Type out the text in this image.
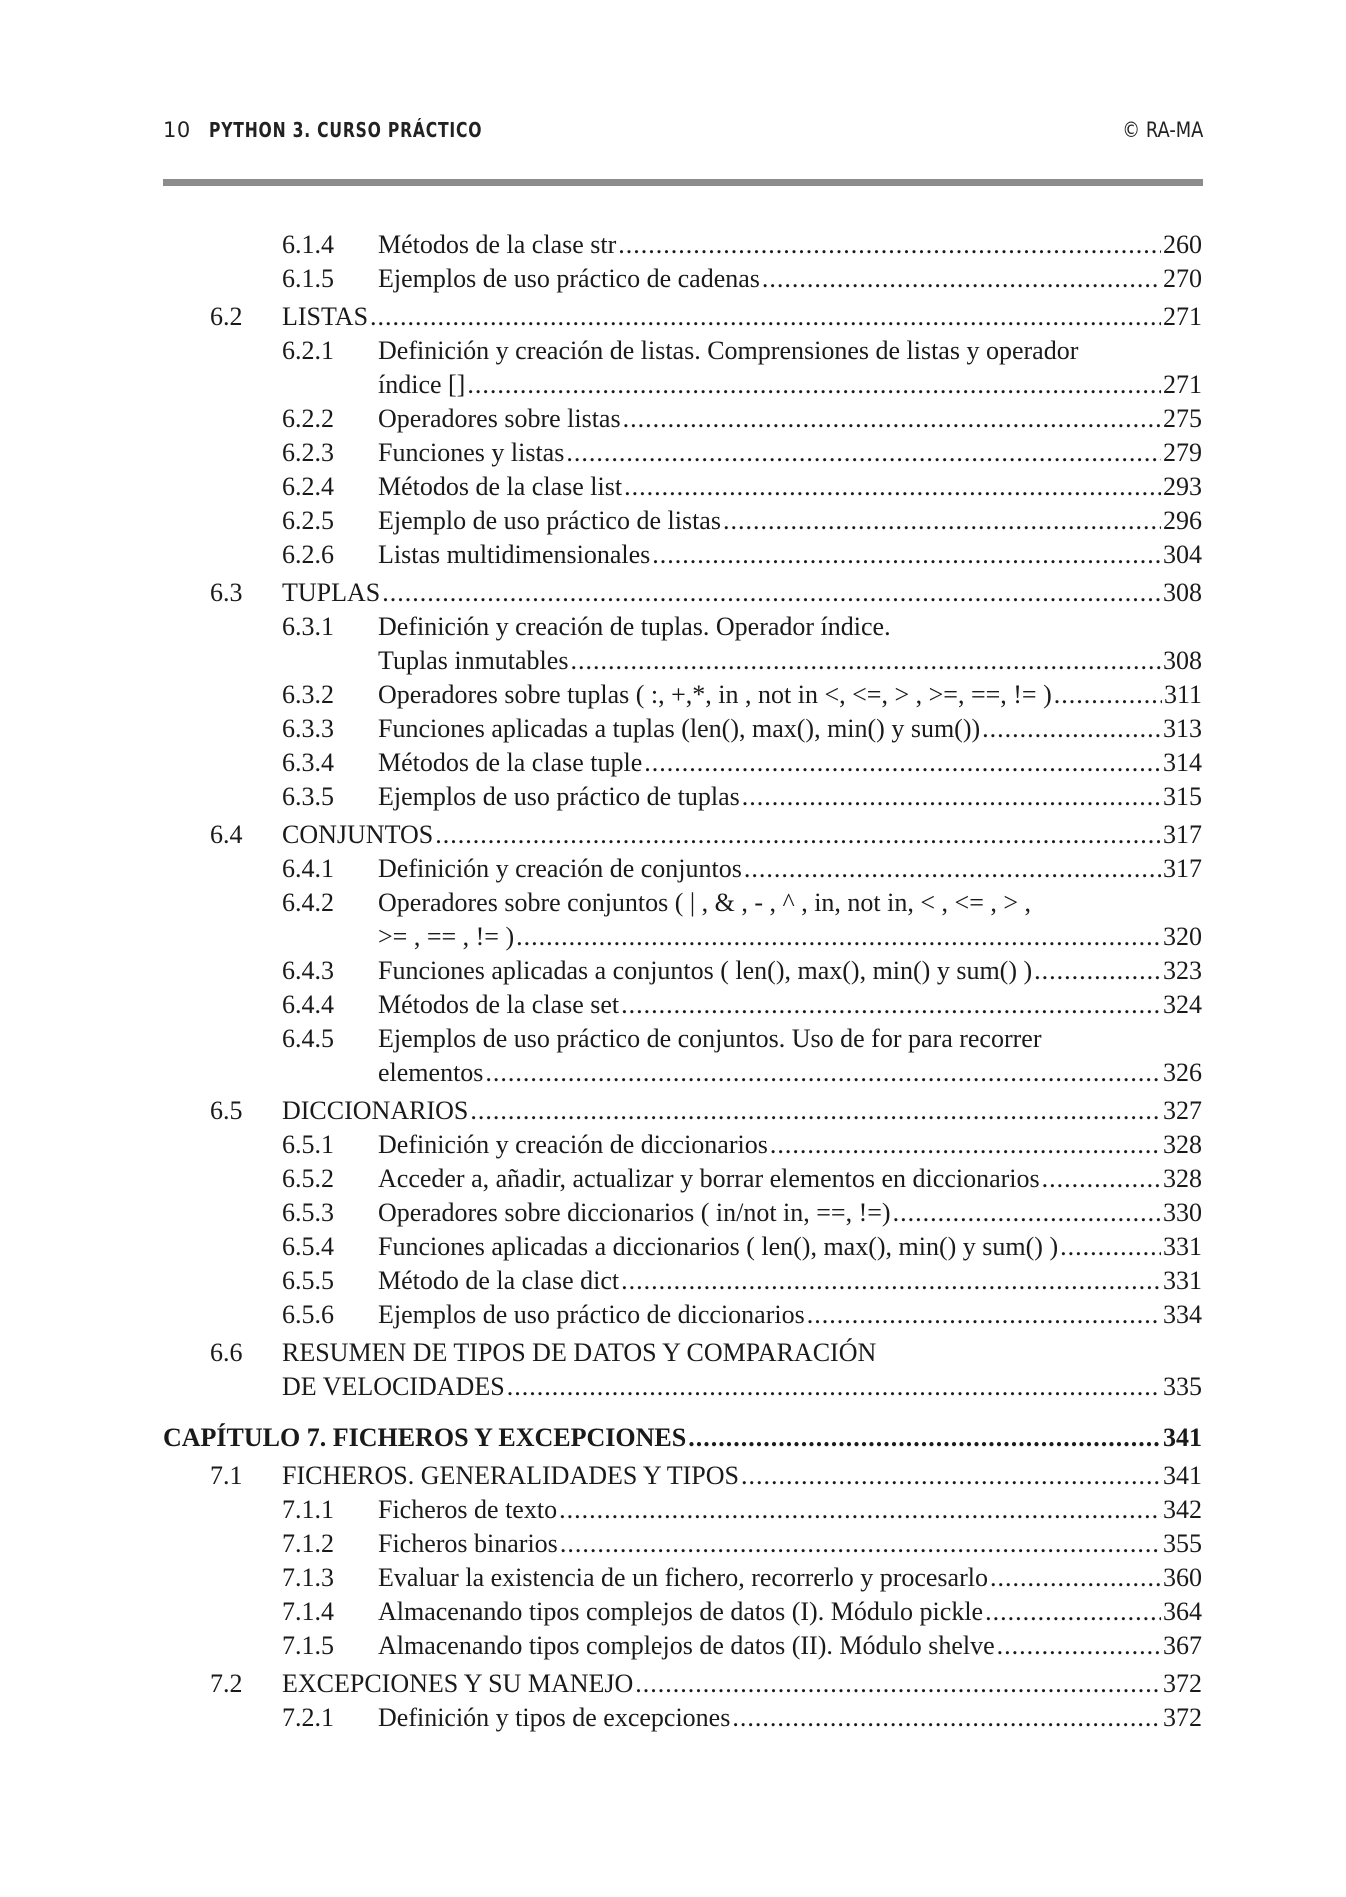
10 PYTHON 3. CURSO PRÁCTICO	© RA-MA
6.1.4 Métodos de la clase str .....	260
6.1.5 Ejemplos de uso práctico de cadenas .....	270
6.2 LISTAS .....	271
6.2.1 Definición y creación de listas. Comprensiones de listas y operador
índice [] .....	271
6.2.2 Operadores sobre listas .....	275
6.2.3 Funciones y listas .....	279
6.2.4 Métodos de la clase list .....	293
6.2.5 Ejemplo de uso práctico de listas .....	296
6.2.6 Listas multidimensionales .....	304
6.3 TUPLAS .....	308
6.3.1 Definición y creación de tuplas. Operador índice.
Tuplas inmutables .....	308
6.3.2 Operadores sobre tuplas ( :, +,*, in , not in <, <=, > , >=, ==, != ) .....	311
6.3.3 Funciones aplicadas a tuplas (len(), max(), min() y sum()) .....	313
6.3.4 Métodos de la clase tuple .....	314
6.3.5 Ejemplos de uso práctico de tuplas .....	315
6.4 CONJUNTOS .....	317
6.4.1 Definición y creación de conjuntos .....	317
6.4.2 Operadores sobre conjuntos ( | , & , - , ^ , in, not in, < , <= , > ,
>= , == , != ) .....	320
6.4.3 Funciones aplicadas a conjuntos ( len(), max(), min() y sum() ) .....	323
6.4.4 Métodos de la clase set .....	324
6.4.5 Ejemplos de uso práctico de conjuntos. Uso de for para recorrer
elementos .....	326
6.5 DICCIONARIOS .....	327
6.5.1 Definición y creación de diccionarios .....	328
6.5.2 Acceder a, añadir, actualizar y borrar elementos en diccionarios .....	328
6.5.3 Operadores sobre diccionarios ( in/not in, ==, !=) .....	330
6.5.4 Funciones aplicadas a diccionarios ( len(), max(), min() y sum() ) .....	331
6.5.5 Método de la clase dict .....	331
6.5.6 Ejemplos de uso práctico de diccionarios .....	334
6.6 RESUMEN DE TIPOS DE DATOS Y COMPARACIÓN
DE VELOCIDADES .....	335
CAPÍTULO 7. FICHEROS Y EXCEPCIONES .....	341
7.1 FICHEROS. GENERALIDADES Y TIPOS .....	341
7.1.1 Ficheros de texto .....	342
7.1.2 Ficheros binarios .....	355
7.1.3 Evaluar la existencia de un fichero, recorrerlo y procesarlo .....	360
7.1.4 Almacenando tipos complejos de datos (I). Módulo pickle .....	364
7.1.5 Almacenando tipos complejos de datos (II). Módulo shelve .....	367
7.2 EXCEPCIONES Y SU MANEJO .....	372
7.2.1 Definición y tipos de excepciones .....	372
